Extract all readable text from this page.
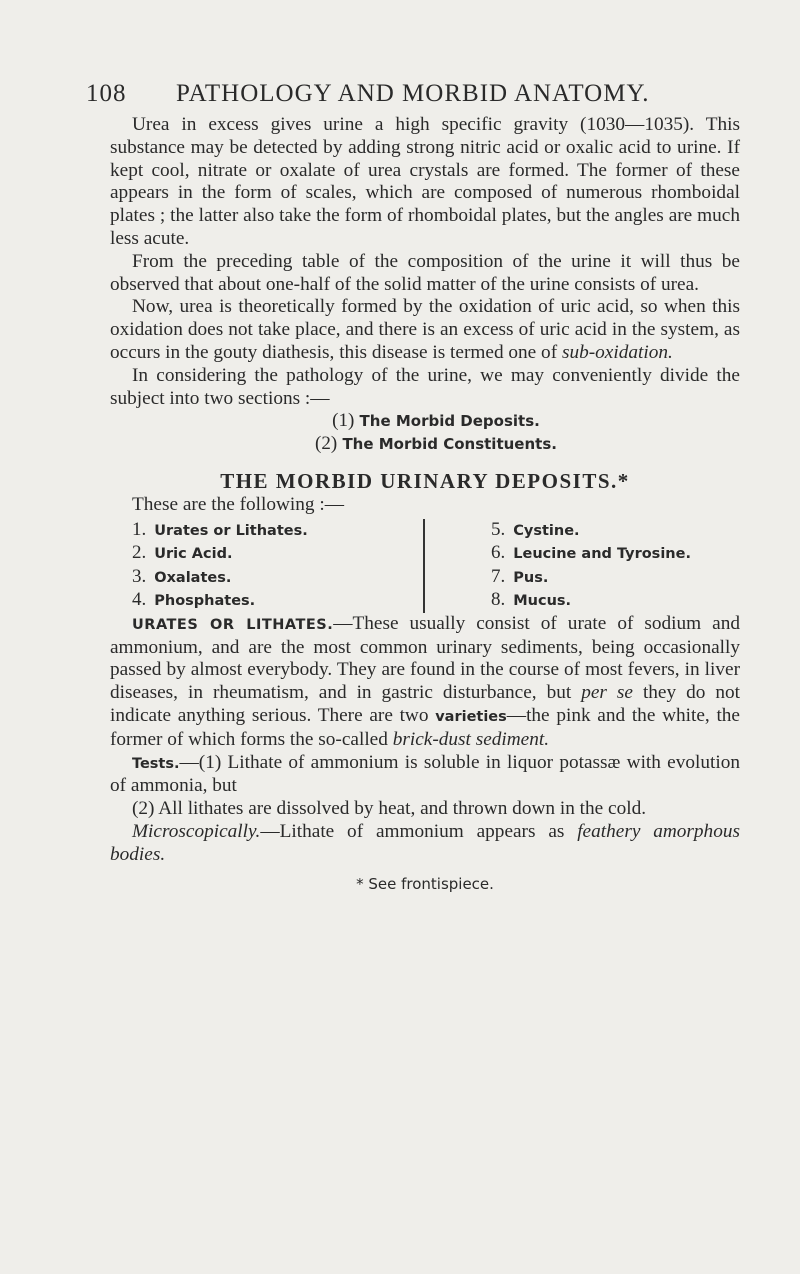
108 PATHOLOGY AND MORBID ANATOMY.

Urea in excess gives urine a high specific gravity (1030—1035). This substance may be detected by adding strong nitric acid or oxalic acid to urine. If kept cool, nitrate or oxalate of urea crystals are formed. The former of these appears in the form of scales, which are composed of numerous rhomboidal plates ; the latter also take the form of rhomboidal plates, but the angles are much less acute.

From the preceding table of the composition of the urine it will thus be observed that about one-half of the solid matter of the urine consists of urea.

Now, urea is theoretically formed by the oxidation of uric acid, so when this oxidation does not take place, and there is an excess of uric acid in the system, as occurs in the gouty diathesis, this disease is termed one of sub-oxidation.

In considering the pathology of the urine, we may conveniently divide the subject into two sections :—

(1) The Morbid Deposits.

(2) The Morbid Constituents.

THE MORBID URINARY DEPOSITS.*

These are the following :—

1. Urates or Lithates.

2. Uric Acid.

3. Oxalates.

4. Phosphates.

5. Cystine.

6. Leucine and Tyrosine.

7. Pus.

8. Mucus.

URATES OR LITHATES.—These usually consist of urate of sodium and ammonium, and are the most common urinary sediments, being occasionally passed by almost everybody. They are found in the course of most fevers, in liver diseases, in rheumatism, and in gastric disturbance, but per se they do not indicate anything serious. There are two varieties—the pink and the white, the former of which forms the so-called brick-dust sediment.

Tests.—(1) Lithate of ammonium is soluble in liquor potassæ with evolution of ammonia, but

(2) All lithates are dissolved by heat, and thrown down in the cold.

Microscopically.—Lithate of ammonium appears as feathery amorphous bodies.

* See frontispiece.
